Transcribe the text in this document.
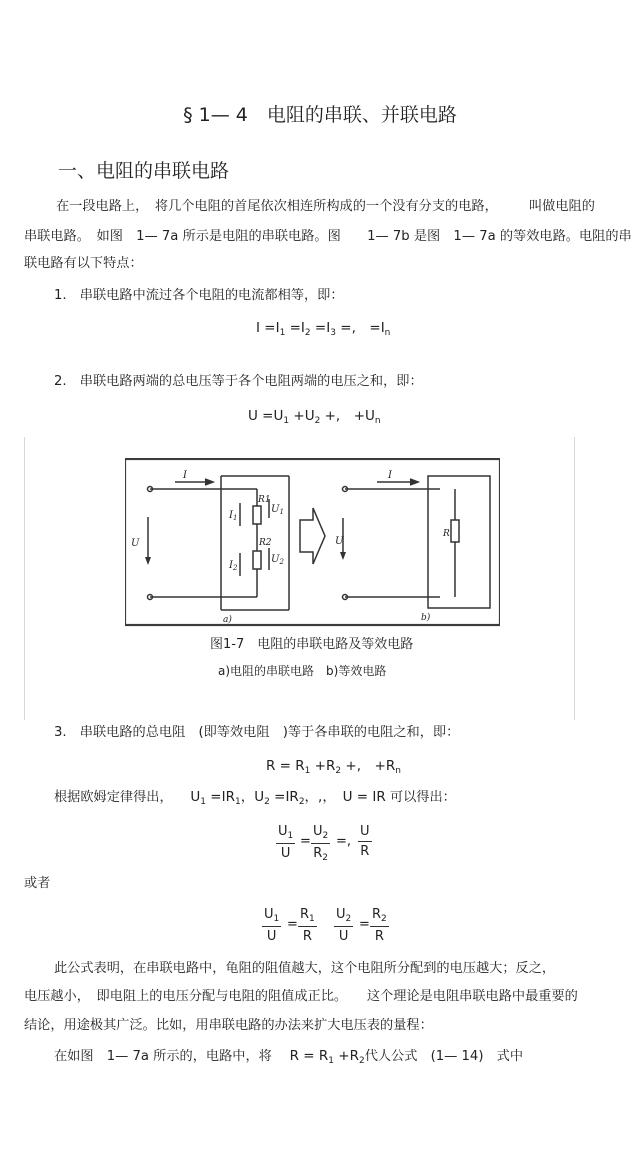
§ 1— 4　电阻的串联、并联电路
一、电阻的串联电路
在一段电路上，　将几个电阻的首尾依次相连所构成的一个没有分支的电路， 叫做电阻的
串联电路。　如图　1— 7a 所示是电阻的串联电路。图　　1— 7b 是图　1— 7a 的等效电路。电阻的串
联电路有以下特点：
1.　串联电路中流过各个电阻的电流都相等，即：
$I =I_1 =I_2 =I_3$ =,　$=I_n$
2.　串联电路两端的总电压等于各个电阻两端的电压之和，即：
$U =U_1 +U_2$ +,　$+U_n$
I	I
U	U
R1
R2
$U_1$
$U_2$
$I_1$
$I_2$
R
a)	b)
图1-7　电阻的串联电路及等效电路
a)电阻的串联电路　b)等效电路
3.　串联电路的总电阻　(即等效电阻　)等于各串联的电阻之和，即：
$R = R_1 +R_2$ +,　$+R_n$
根据欧姆定律得出， 　$U_1 =IR_1$，$U_2 =IR_2$，,，　U = IR 可以得出：
$U_1$
U
=
$U_2$
$R_2$
=,
U
R
或者
$U_1$
U
=
$R_1$
R
$U_2$
U
=
$R_2$
R
此公式表明，在串联电路中，龟阻的阻值越大，这个电阻所分配到的电压越大；反之，
电压越小，　即电阻上的电压分配与电阻的阻值成正比。　　这个理论是电阻串联电路中最重要的
结论，用途极其广泛。比如，用串联电路的办法来扩大电压表的量程：
在如图　1— 7a 所示的，电路中，将 　$R = R_1 +R_2$代人公式　(1— 14)　式中
